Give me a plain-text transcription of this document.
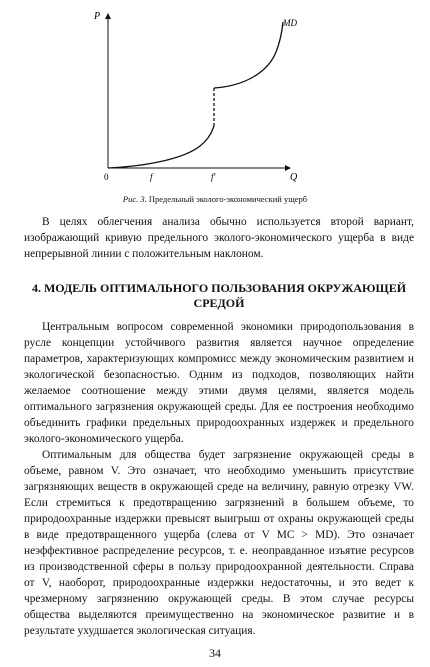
P
Q
0	f	f'
MD
Рис. 3. Предельный эколого-экономический ущерб

В целях облегчения анализа обычно используется второй вариант, изображающий кривую предельного эколого-экономического ущерба в виде непрерывной линии с положительным наклоном.

4. МОДЕЛЬ ОПТИМАЛЬНОГО ПОЛЬЗОВАНИЯ ОКРУЖАЮЩЕЙ СРЕДОЙ

Центральным вопросом современной экономики природопользования в русле концепции устойчивого развития является научное определение параметров, характеризующих компромисс между экономическим развитием и экологической безопасностью. Одним из подходов, позволяющих найти желаемое соотношение между этими двумя целями, является модель оптимального загрязнения окружающей среды. Для ее построения необходимо объединить графики предельных природоохранных издержек и предельного эколого-экономического ущерба.

Оптимальным для общества будет загрязнение окружающей среды в объеме, равном V. Это означает, что необходимо уменьшить присутствие загрязняющих веществ в окружающей среде на величину, равную отрезку VW. Если стремиться к предотвращению загрязнений в большем объеме, то природоохранные издержки превысят выигрыш от охраны окружающей среды в виде предотвращенного ущерба (слева от V MC > MD). Это означает неэффективное распределение ресурсов, т. е. неоправданное изъятие ресурсов из производственной сферы в пользу природоохранной деятельности. Справа от V, наоборот, природоохранные издержки недостаточны, и это ведет к чрезмерному загрязнению окружающей среды. В этом случае ресурсы общества выделяются преимущественно на экономическое развитие и в результате ухудшается экологическая ситуация.

34
